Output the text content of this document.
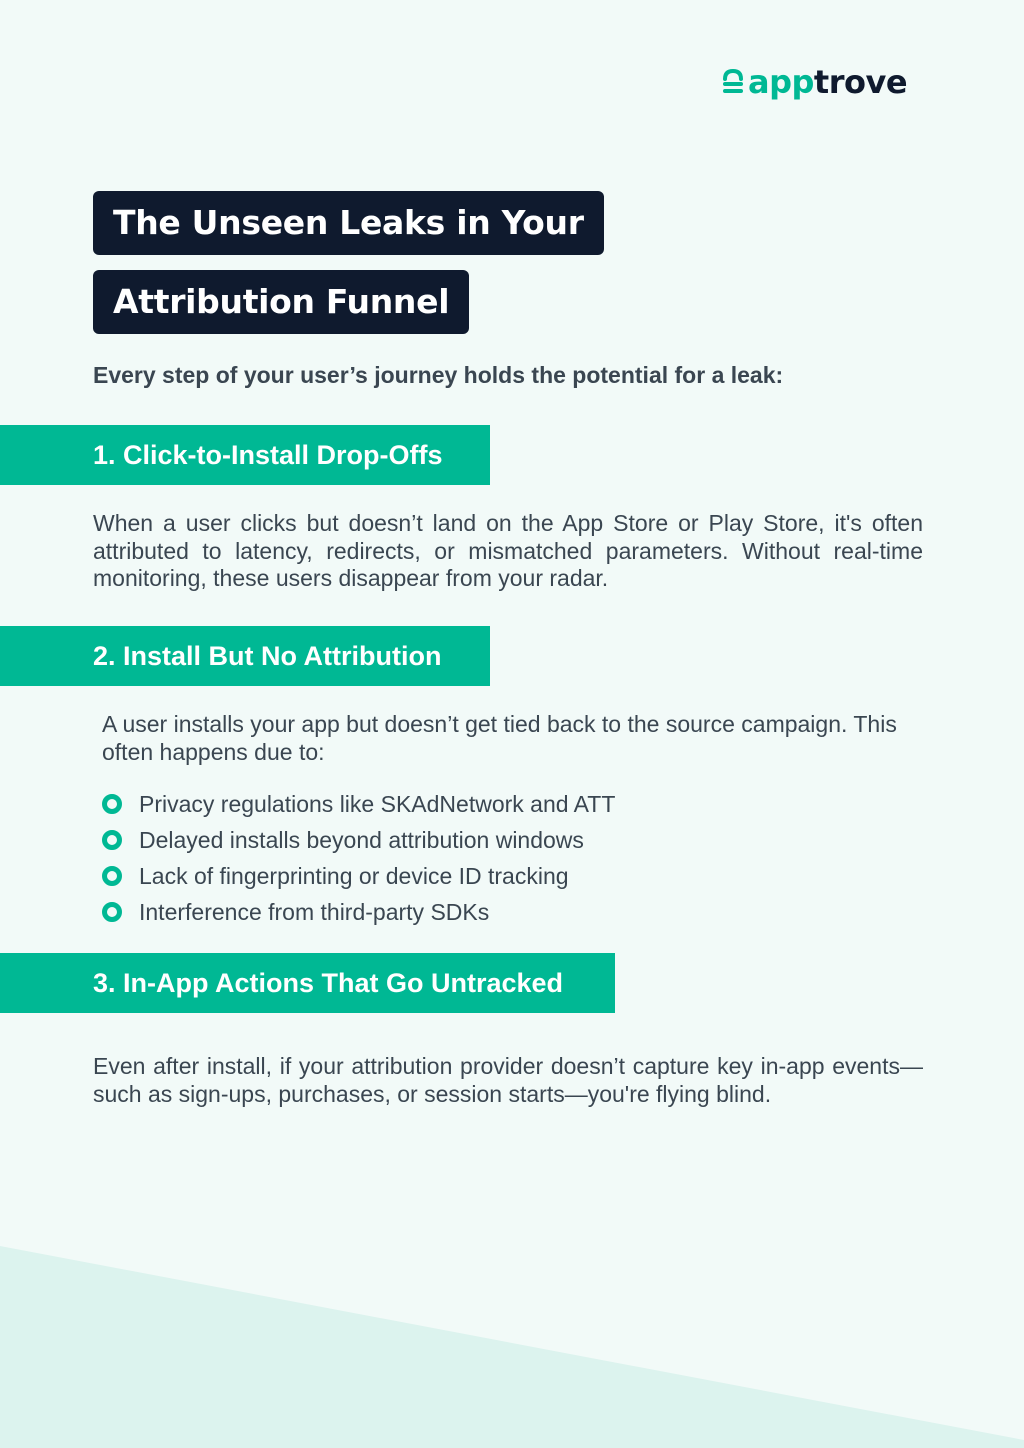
apptrove
The Unseen Leaks in Your
Attribution Funnel
Every step of your user’s journey holds the potential for a leak:
1. Click-to-Install Drop-Offs

When a user clicks but doesn’t land on the App Store or Play Store, it's often attributed to latency, redirects, or mismatched parameters. Without real-time monitoring, these users disappear from your radar.

2. Install But No Attribution

A user installs your app but doesn’t get tied back to the source campaign. This often happens due to:

Privacy regulations like SKAdNetwork and ATT
Delayed installs beyond attribution windows
Lack of fingerprinting or device ID tracking
Interference from third-party SDKs
3. In-App Actions That Go Untracked

Even after install, if your attribution provider doesn’t capture key in-app events—such as sign-ups, purchases, or session starts—you're flying blind.
